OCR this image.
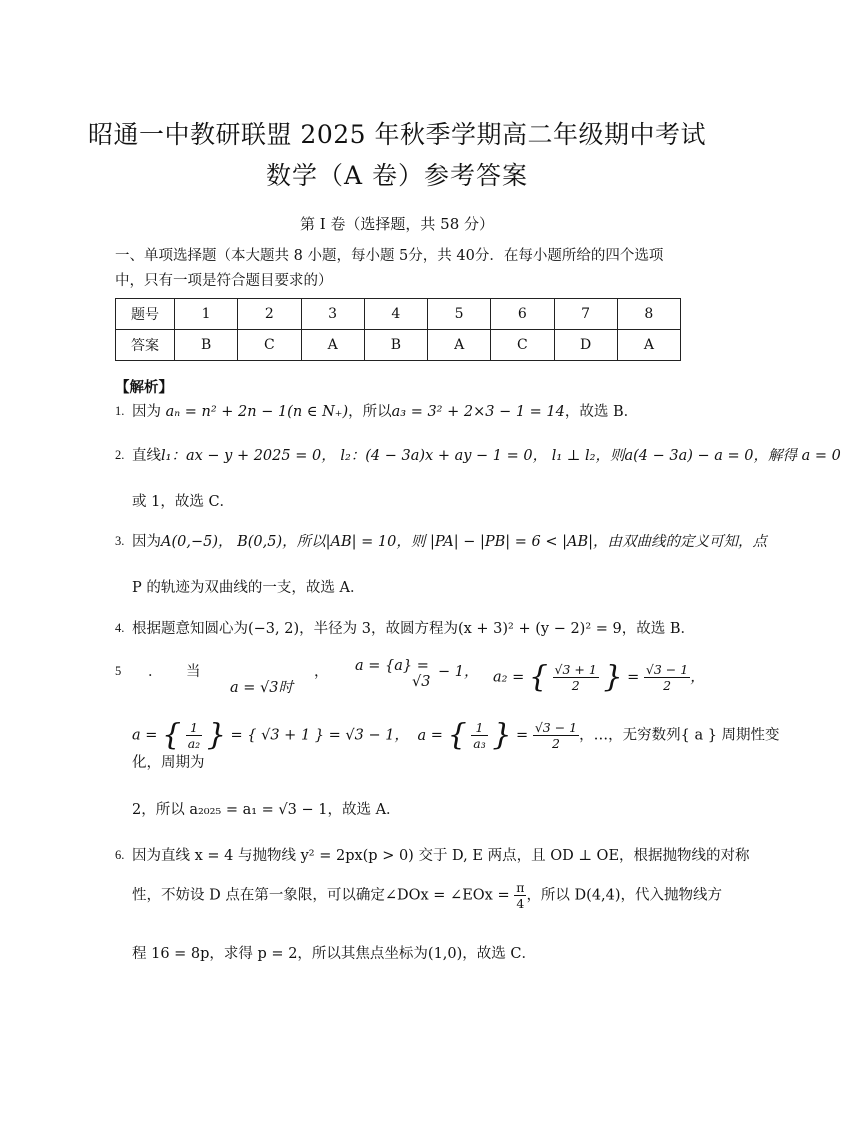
昭通一中教研联盟 2025 年秋季学期高二年级期中考试
数学（A 卷）参考答案
第 I 卷（选择题，共 58 分）
一、单项选择题（本大题共 8 小题，每小题 5分，共 40分．在每小题所给的四个选项中，只有一项是符合题目要求的）
题号	1	2	3	4	5	6	7	8
答案	B	C	A	B	A	C	D	A
【解析】
1. 因为 aₙ = n² + 2n − 1(n ∈ N₊)，所以a₃ = 3² + 2×3 − 1 = 14，故选 B．
2. 直线l₁：ax − y + 2025 = 0， l₂：(4 − 3a)x + ay − 1 = 0， l₁ ⊥ l₂，则a(4 − 3a) − a = 0，解得 a = 0
或 1，故选 C．
3. 因为A(0,−5)， B(0,5)，所以|AB| = 10，则 |PA| − |PB| = 6 < |AB|，由双曲线的定义可知，点
P 的轨迹为双曲线的一支，故选 A．
4. 根据题意知圆心为(−3, 2)，半径为 3，故圆方程为(x + 3)² + (y − 2)² = 9，故选 B．
5 ． 当
a = √3时
， a = {a} =
√3
− 1， a₂ = { $\frac{√3 + 1}{2}$ } = $\frac{√3 - 1}{2}$ ，
a = { $\frac{1}{\text{a₂}}$ } = { √3 + 1 } = √3 − 1， a = { $\frac{1}{\text{a₃}}$ } = $\frac{√3 - 1}{2}$ ，…，无穷数列{ a } 周期性变化，周期为
2，所以 a₂₀₂₅ = a₁ = √3 − 1，故选 A．
6. 因为直线 x = 4 与抛物线 y² = 2px(p > 0) 交于 D, E 两点，且 OD ⊥ OE，根据抛物线的对称
性，不妨设 D 点在第一象限，可以确定∠DOx = ∠EOx = $\frac{\pi}{4}$ ，所以 D(4,4)，代入抛物线方
程 16 = 8p，求得 p = 2，所以其焦点坐标为(1,0)，故选 C．
